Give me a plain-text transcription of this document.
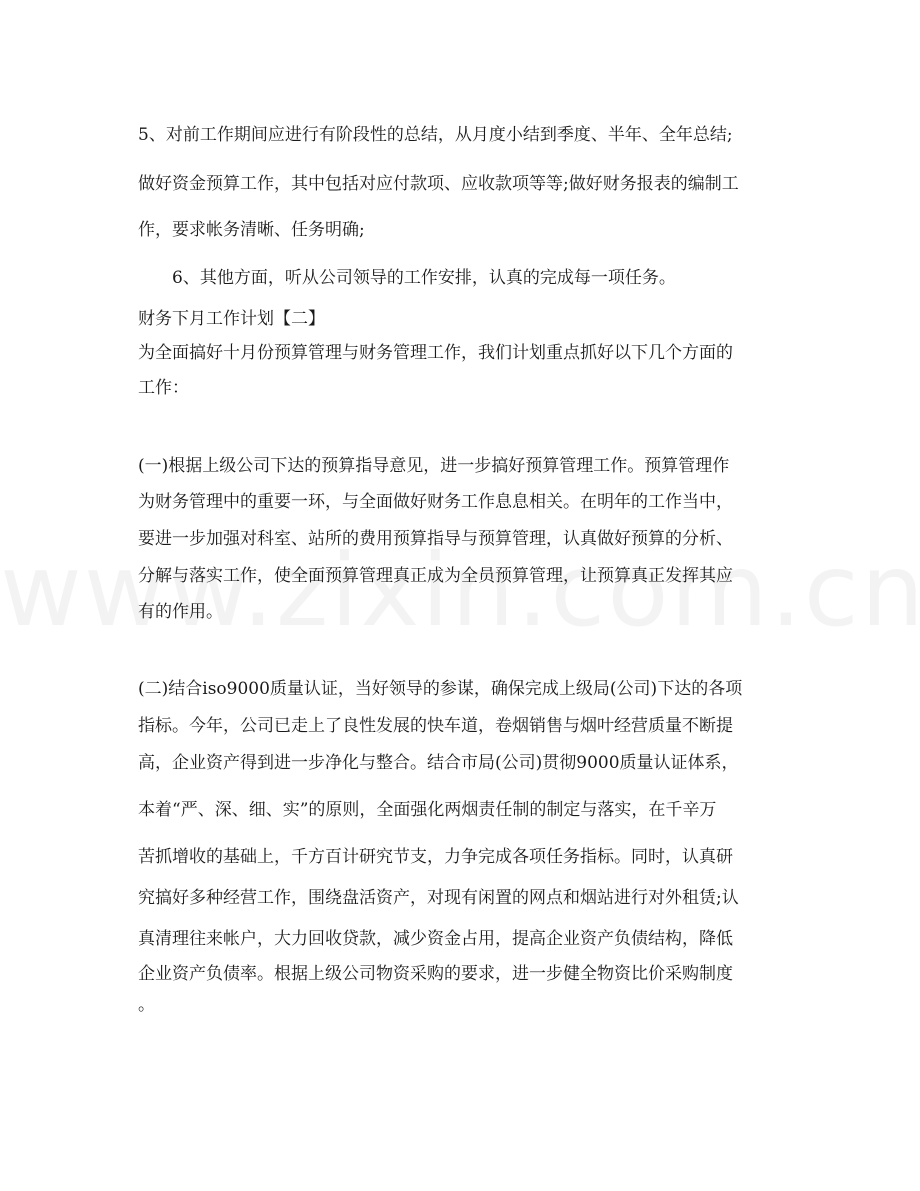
5、对前工作期间应进行有阶段性的总结，从月度小结到季度、半年、全年总结;
做好资金预算工作，其中包括对应付款项、应收款项等等;做好财务报表的编制工
作，要求帐务清晰、任务明确;
6、其他方面，听从公司领导的工作安排，认真的完成每一项任务。
财务下月工作计划【二】
为全面搞好十月份预算管理与财务管理工作，我们计划重点抓好以下几个方面的
工作：
(一)根据上级公司下达的预算指导意见，进一步搞好预算管理工作。预算管理作
为财务管理中的重要一环，与全面做好财务工作息息相关。在明年的工作当中，
要进一步加强对科室、站所的费用预算指导与预算管理，认真做好预算的分析、
分解与落实工作，使全面预算管理真正成为全员预算管理，让预算真正发挥其应
有的作用。
(二)结合iso9000质量认证，当好领导的参谋，确保完成上级局(公司)下达的各项
指标。今年，公司已走上了良性发展的快车道，卷烟销售与烟叶经营质量不断提
高，企业资产得到进一步净化与整合。结合市局(公司)贯彻9000质量认证体系，
本着“严、深、细、实”的原则，全面强化两烟责任制的制定与落实，在千辛万
苦抓增收的基础上，千方百计研究节支，力争完成各项任务指标。同时，认真研
究搞好多种经营工作，围绕盘活资产，对现有闲置的网点和烟站进行对外租赁;认
真清理往来帐户，大力回收贷款，减少资金占用，提高企业资产负债结构，降低
企业资产负债率。根据上级公司物资采购的要求，进一步健全物资比价采购制度
。
